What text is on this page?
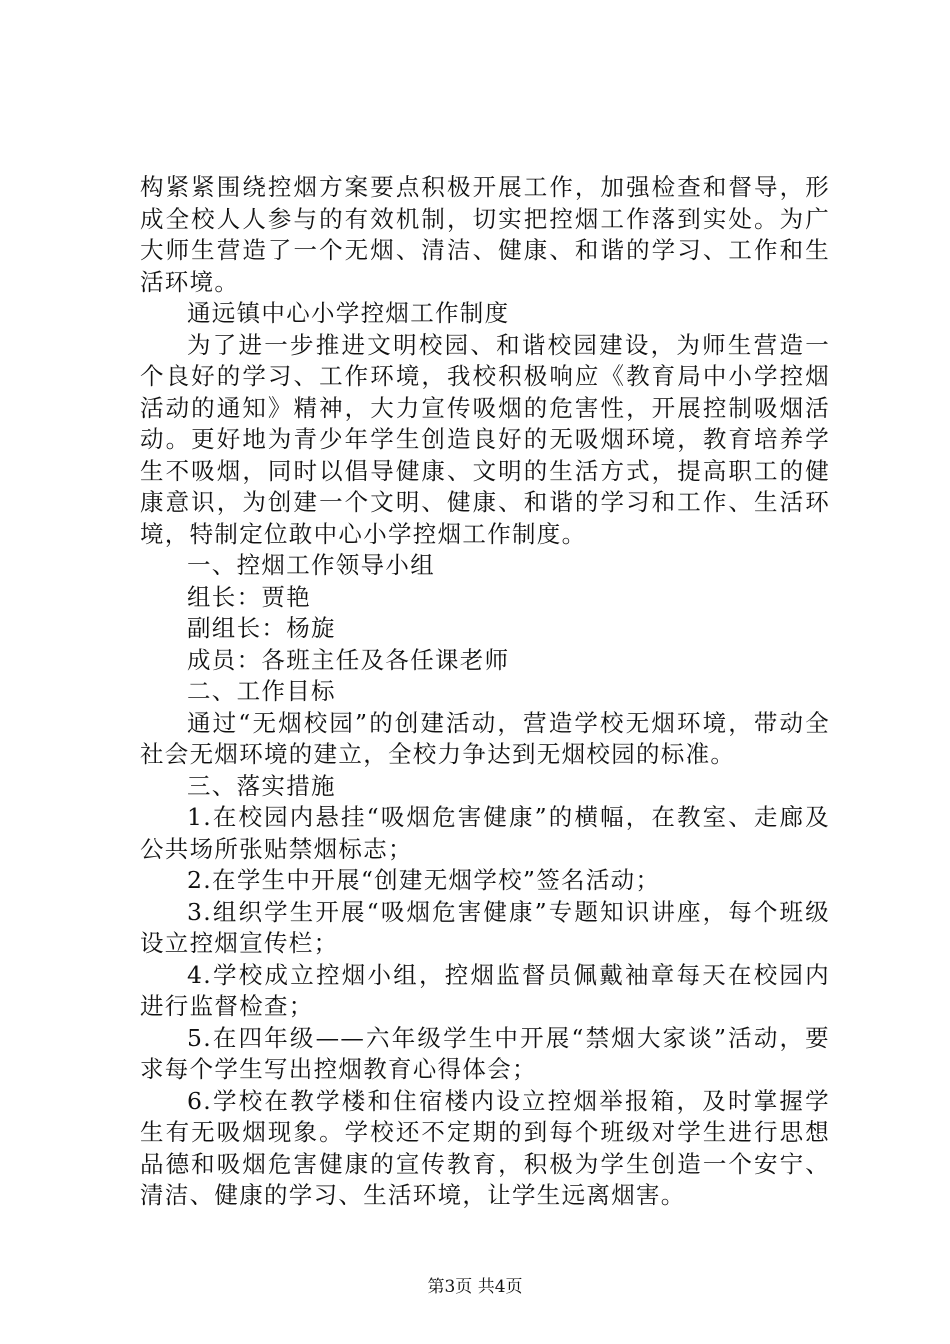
构紧紧围绕控烟方案要点积极开展工作，加强检查和督导，形成全校人人参与的有效机制，切实把控烟工作落到实处。为广大师生营造了一个无烟、清洁、健康、和谐的学习、工作和生活环境。

通远镇中心小学控烟工作制度

为了进一步推进文明校园、和谐校园建设，为师生营造一个良好的学习、工作环境，我校积极响应《教育局中小学控烟活动的通知》精神，大力宣传吸烟的危害性，开展控制吸烟活动。更好地为青少年学生创造良好的无吸烟环境，教育培养学生不吸烟，同时以倡导健康、文明的生活方式，提高职工的健康意识，为创建一个文明、健康、和谐的学习和工作、生活环境，特制定位敢中心小学控烟工作制度。

一、控烟工作领导小组

组长：贾艳

副组长：杨旋

成员：各班主任及各任课老师

二、工作目标

通过“无烟校园”的创建活动，营造学校无烟环境，带动全社会无烟环境的建立，全校力争达到无烟校园的标准。

三、落实措施

1.在校园内悬挂“吸烟危害健康”的横幅，在教室、走廊及公共场所张贴禁烟标志；

2.在学生中开展“创建无烟学校”签名活动；

3.组织学生开展“吸烟危害健康”专题知识讲座，每个班级设立控烟宣传栏；

4.学校成立控烟小组，控烟监督员佩戴袖章每天在校园内进行监督检查；

5.在四年级——六年级学生中开展“禁烟大家谈”活动，要求每个学生写出控烟教育心得体会；

6.学校在教学楼和住宿楼内设立控烟举报箱，及时掌握学生有无吸烟现象。学校还不定期的到每个班级对学生进行思想品德和吸烟危害健康的宣传教育，积极为学生创造一个安宁、清洁、健康的学习、生活环境，让学生远离烟害。

第3页 共4页
